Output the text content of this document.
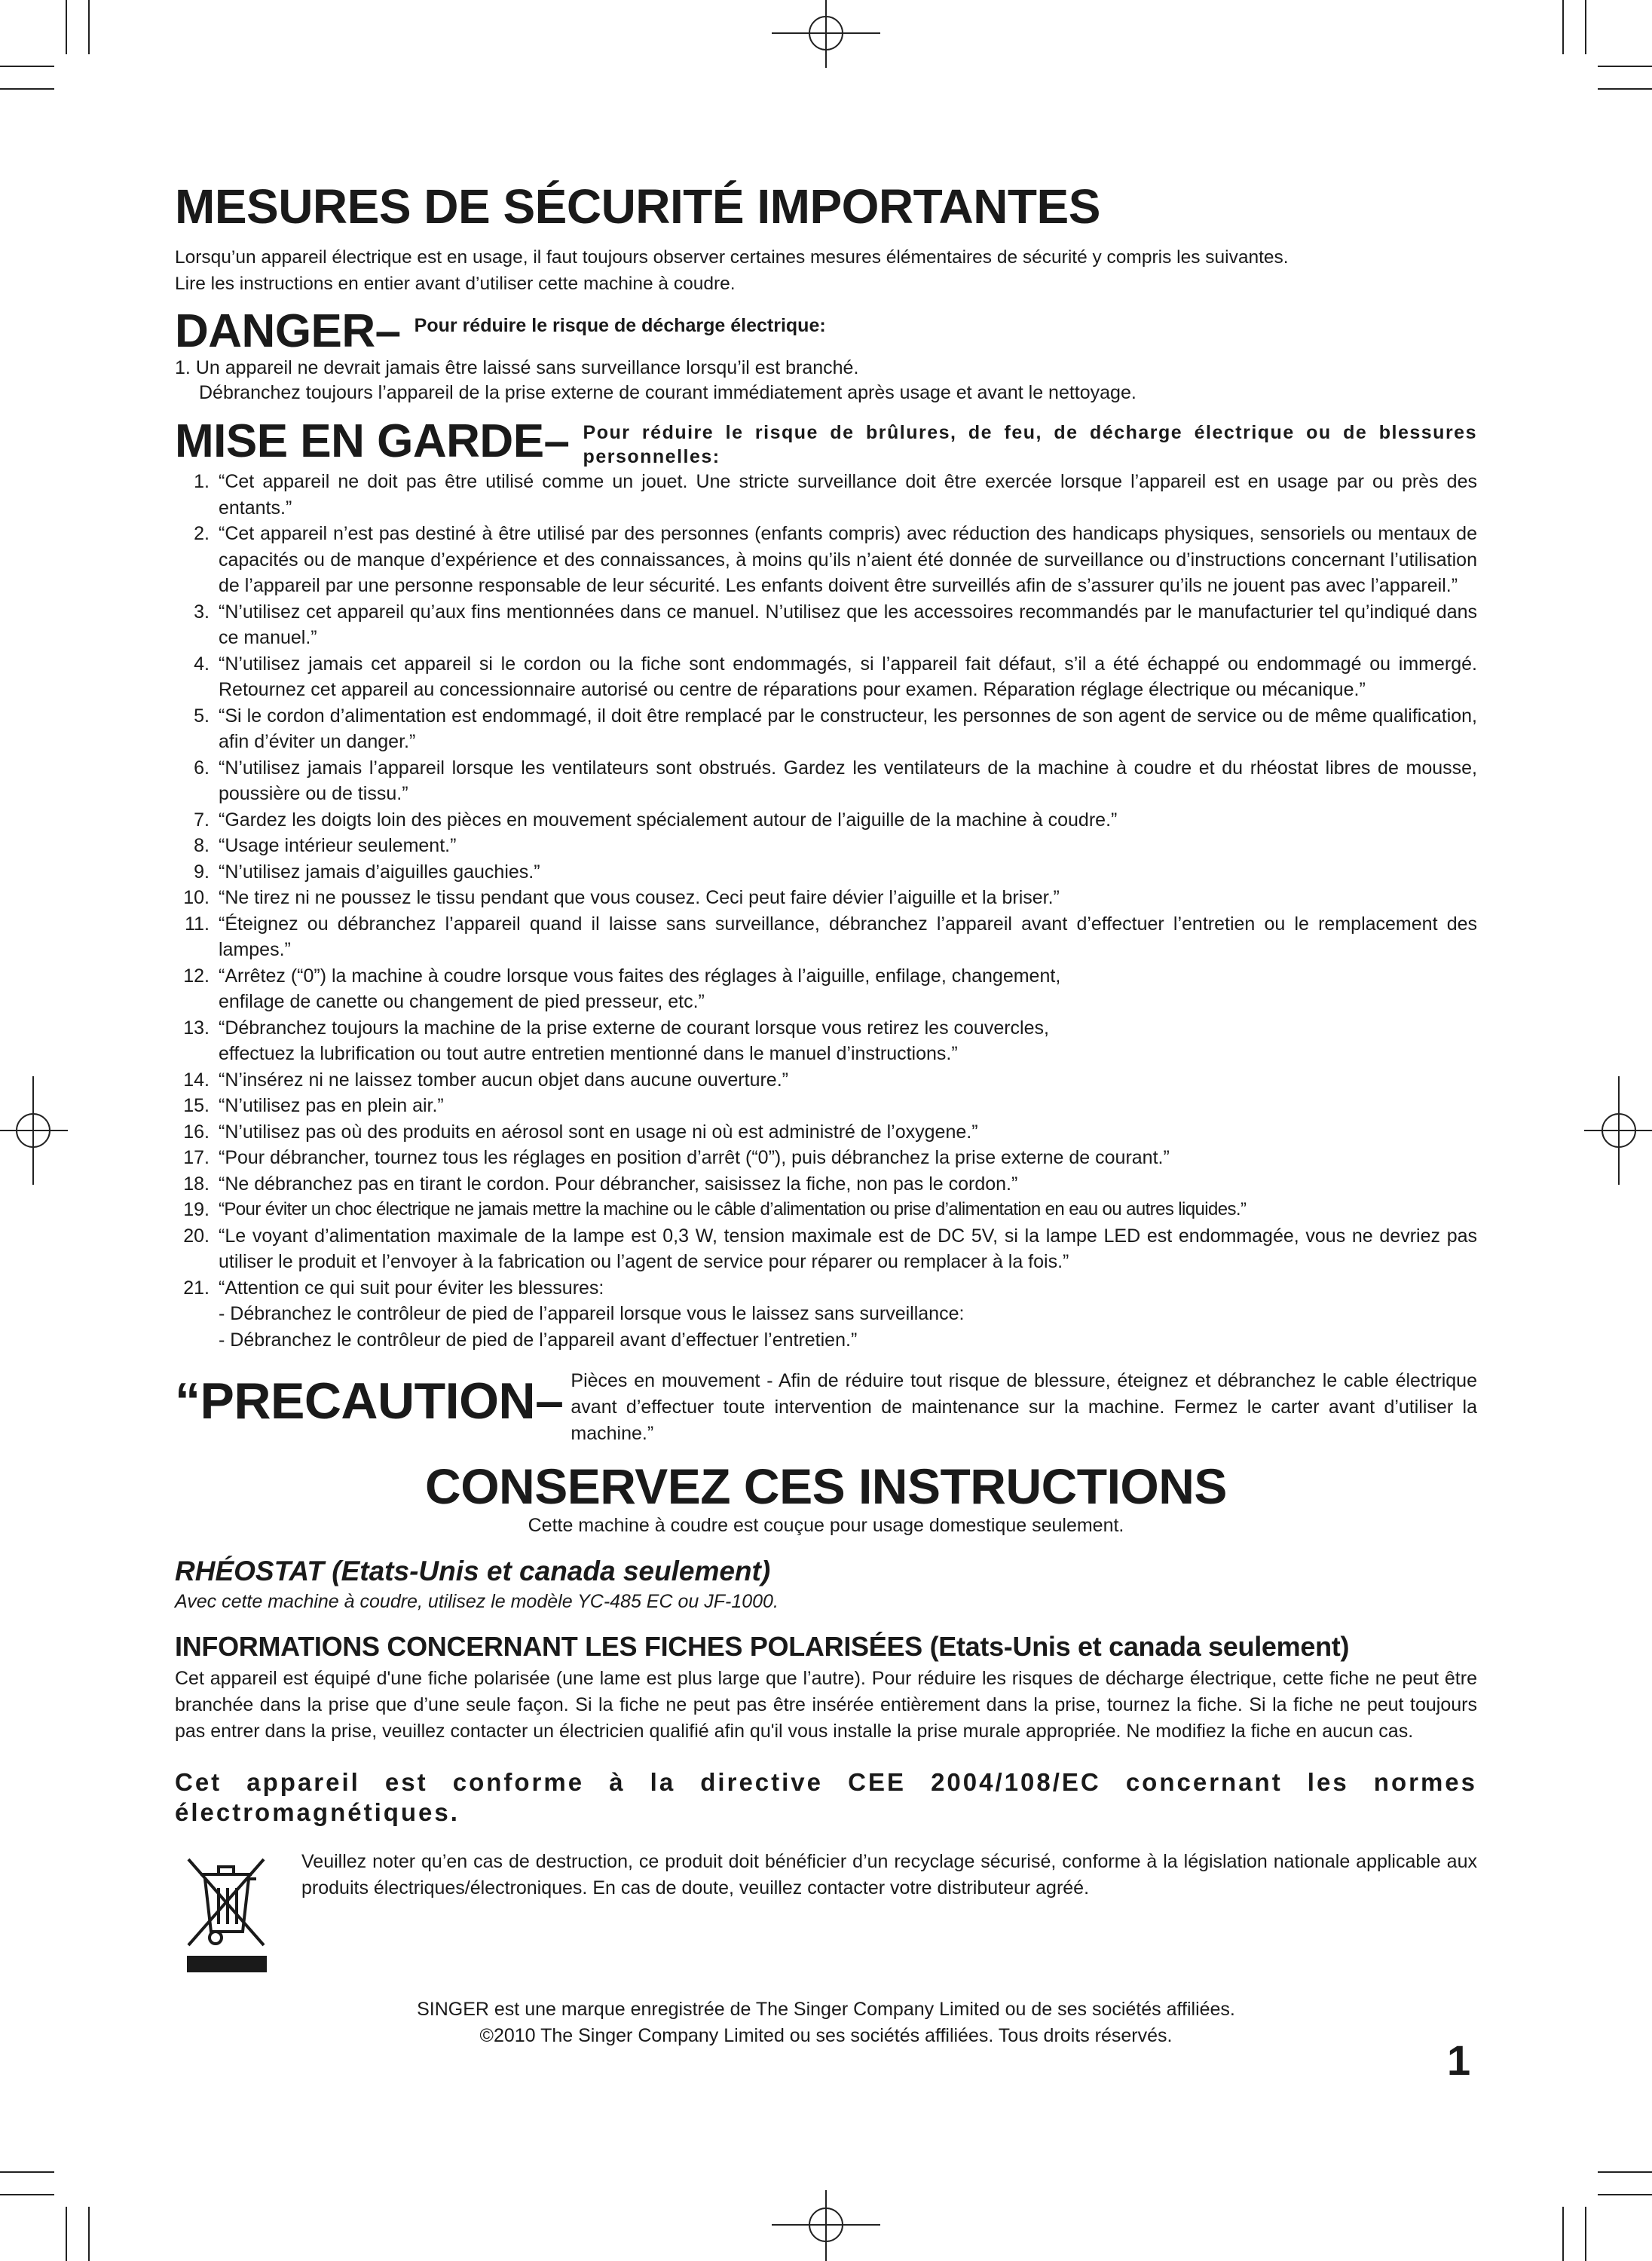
MESURES DE SÉCURITÉ IMPORTANTES

Lorsqu’un appareil électrique est en usage, il faut toujours observer certaines mesures élémentaires de sécurité y compris les suivantes.

Lire les instructions en entier avant d’utiliser cette machine à coudre.

DANGER– Pour réduire le risque de décharge électrique:
1. Un appareil ne devrait jamais être laissé sans surveillance lorsqu’il est branché.
Débranchez toujours l’appareil de la prise externe de courant immédiatement après usage et avant le nettoyage.
MISE EN GARDE– Pour réduire le risque de brûlures, de feu, de décharge électrique ou de blessures personnelles:
1. “Cet appareil ne doit pas être utilisé comme un jouet. Une stricte surveillance doit être exercée lorsque l’appareil est en usage par ou près des entants.”
2. “Cet appareil n’est pas destiné à être utilisé par des personnes (enfants compris) avec réduction des handicaps physiques, sensoriels ou mentaux de capacités ou de manque d’expérience et des connaissances, à moins qu’ils n’aient été donnée de surveillance ou d’instructions concernant l’utilisation de l’appareil par une personne responsable de leur sécurité. Les enfants doivent être surveillés afin de s’assurer qu’ils ne jouent pas avec l’appareil.”
3. “N’utilisez cet appareil qu’aux fins mentionnées dans ce manuel. N’utilisez que les accessoires recommandés par le manufacturier tel qu’indiqué dans ce manuel.”
4. “N’utilisez jamais cet appareil si le cordon ou la fiche sont endommagés, si l’appareil fait défaut, s’il a été échappé ou endommagé ou immergé. Retournez cet appareil au concessionnaire autorisé ou centre de réparations pour examen. Réparation réglage électrique ou mécanique.”
5. “Si le cordon d’alimentation est endommagé, il doit être remplacé par le constructeur, les personnes de son agent de service ou de même qualification, afin d’éviter un danger.”
6. “N’utilisez jamais l’appareil lorsque les ventilateurs sont obstrués. Gardez les ventilateurs de la machine à coudre et du rhéostat libres de mousse, poussière ou de tissu.”
7. “Gardez les doigts loin des pièces en mouvement spécialement autour de l’aiguille de la machine à coudre.”
8. “Usage intérieur seulement.”
9. “N’utilisez jamais d’aiguilles gauchies.”
10. “Ne tirez ni ne poussez le tissu pendant que vous cousez. Ceci peut faire dévier l’aiguille et la briser.”
11. “Éteignez ou débranchez l’appareil quand il laisse sans surveillance, débranchez l’appareil avant d’effectuer l’entretien ou le remplacement des lampes.”
12. “Arrêtez (“0”) la machine à coudre lorsque vous faites des réglages à l’aiguille, enfilage, changement,
enfilage de canette ou changement de pied presseur, etc.”
13. “Débranchez toujours la machine de la prise externe de courant lorsque vous retirez les couvercles,
effectuez la lubrification ou tout autre entretien mentionné dans le manuel d’instructions.”
14. “N’insérez ni ne laissez tomber aucun objet dans aucune ouverture.”
15. “N’utilisez pas en plein air.”
16. “N’utilisez pas où des produits en aérosol sont en usage ni où est administré de l’oxygene.”
17. “Pour débrancher, tournez tous les réglages en position d’arrêt (“0”), puis débranchez la prise externe de courant.”
18. “Ne débranchez pas en tirant le cordon. Pour débrancher, saisissez la fiche, non pas le cordon.”
19. “Pour éviter un choc électrique ne jamais mettre la machine ou le câble d’alimentation ou prise d’alimentation en eau ou autres liquides.”
20. “Le voyant d’alimentation maximale de la lampe est 0,3 W, tension maximale est de DC 5V, si la lampe LED est endommagée, vous ne devriez pas utiliser le produit et l’envoyer à la fabrication ou l’agent de service pour réparer ou remplacer à la fois.”
21. “Attention ce qui suit pour éviter les blessures:
- Débranchez le contrôleur de pied de l’appareil lorsque vous le laissez sans surveillance:
- Débranchez le contrôleur de pied de l’appareil avant d’effectuer l’entretien.”
“PRECAUTION– Pièces en mouvement - Afin de réduire tout risque de blessure, éteignez et débranchez le cable électrique avant d’effectuer toute intervention de maintenance sur la machine. Fermez le carter avant d’utiliser la machine.”
CONSERVEZ CES INSTRUCTIONS
Cette machine à coudre est couçue pour usage domestique seulement.
RHÉOSTAT (Etats-Unis et canada seulement)
Avec cette machine à coudre, utilisez le modèle YC-485 EC ou JF-1000.
INFORMATIONS CONCERNANT LES FICHES POLARISÉES (Etats-Unis et canada seulement)
Cet appareil est équipé d'une fiche polarisée (une lame est plus large que l’autre). Pour réduire les risques de décharge électrique, cette fiche ne peut être branchée dans la prise que d’une seule façon. Si la fiche ne peut pas être insérée entièrement dans la prise, tournez la fiche. Si la fiche ne peut toujours pas entrer dans la prise, veuillez contacter un électricien qualifié afin qu'il vous installe la prise murale appropriée. Ne modifiez la fiche en aucun cas.
Cet appareil est conforme à la directive CEE 2004/108/EC concernant les normes électromagnétiques.
Veuillez noter qu’en cas de destruction, ce produit doit bénéficier d’un recyclage sécurisé, conforme à la législation nationale applicable aux produits électriques/électroniques. En cas de doute, veuillez contacter votre distributeur agréé.
SINGER est une marque enregistrée de The Singer Company Limited ou de ses sociétés affiliées.
©2010 The Singer Company Limited ou ses sociétés affiliées. Tous droits réservés.
1
